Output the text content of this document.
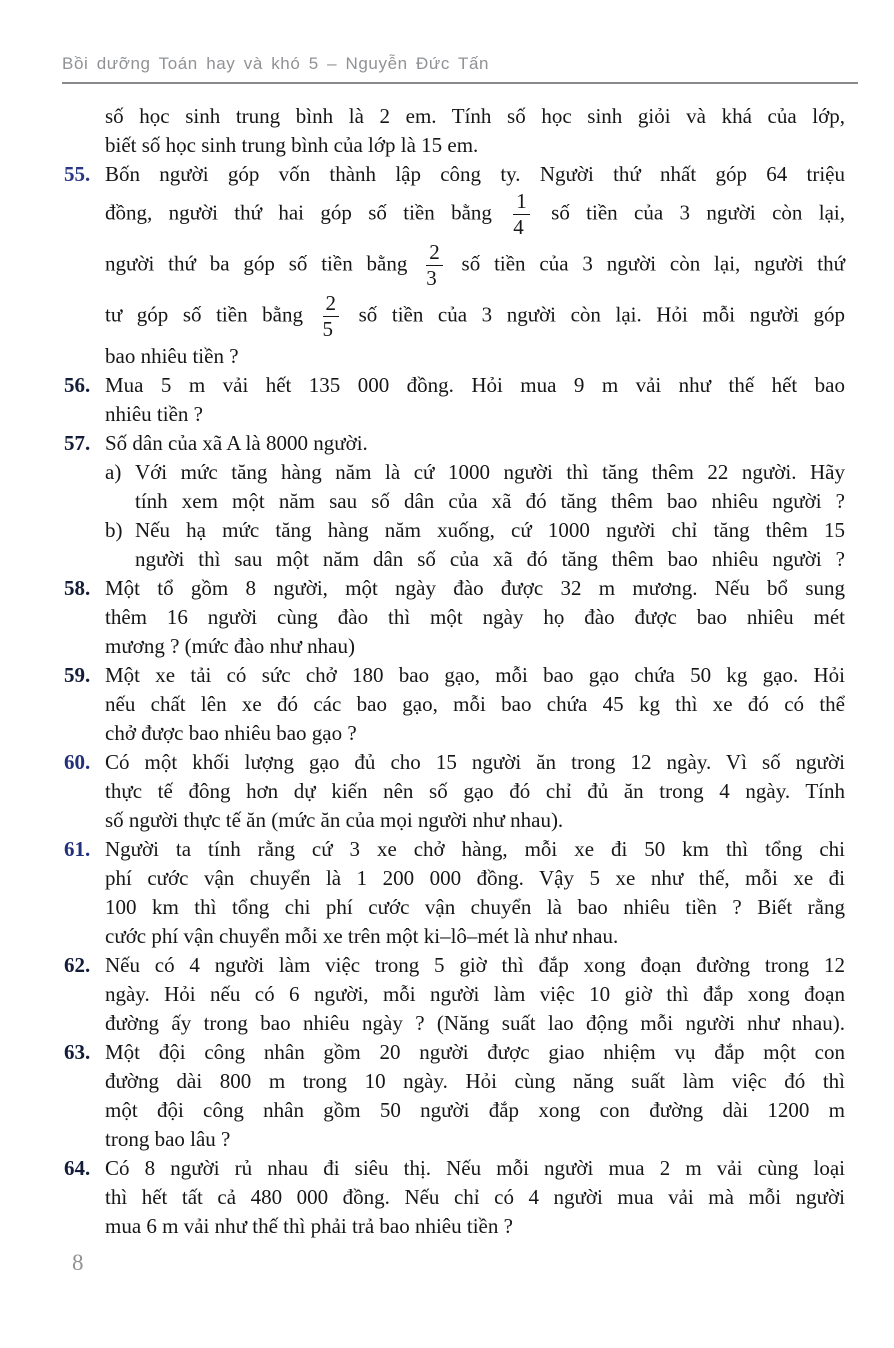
Bồi dưỡng Toán hay và khó 5 – Nguyễn Đức Tấn
số học sinh trung bình là 2 em. Tính số học sinh giỏi và khá của lớp,
biết số học sinh trung bình của lớp là 15 em.
55. Bốn người góp vốn thành lập công ty. Người thứ nhất góp 64 triệu
đồng, người thứ hai góp số tiền bằng $\frac{1}{4}$ số tiền của 3 người còn lại,
người thứ ba góp số tiền bằng $\frac{2}{3}$ số tiền của 3 người còn lại, người thứ
tư góp số tiền bằng $\frac{2}{5}$ số tiền của 3 người còn lại. Hỏi mỗi người góp
bao nhiêu tiền ?
56. Mua 5 m vải hết 135 000 đồng. Hỏi mua 9 m vải như thế hết bao
nhiêu tiền ?
57. Số dân của xã A là 8000 người.
a) Với mức tăng hàng năm là cứ 1000 người thì tăng thêm 22 người. Hãy
tính xem một năm sau số dân của xã đó tăng thêm bao nhiêu người ?
b) Nếu hạ mức tăng hàng năm xuống, cứ 1000 người chỉ tăng thêm 15
người thì sau một năm dân số của xã đó tăng thêm bao nhiêu người ?
58. Một tổ gồm 8 người, một ngày đào được 32 m mương. Nếu bổ sung
thêm 16 người cùng đào thì một ngày họ đào được bao nhiêu mét
mương ? (mức đào như nhau)
59. Một xe tải có sức chở 180 bao gạo, mỗi bao gạo chứa 50 kg gạo. Hỏi
nếu chất lên xe đó các bao gạo, mỗi bao chứa 45 kg thì xe đó có thể
chở được bao nhiêu bao gạo ?
60. Có một khối lượng gạo đủ cho 15 người ăn trong 12 ngày. Vì số người
thực tế đông hơn dự kiến nên số gạo đó chỉ đủ ăn trong 4 ngày. Tính
số người thực tế ăn (mức ăn của mọi người như nhau).
61. Người ta tính rằng cứ 3 xe chở hàng, mỗi xe đi 50 km thì tổng chi
phí cước vận chuyển là 1 200 000 đồng. Vậy 5 xe như thế, mỗi xe đi
100 km thì tổng chi phí cước vận chuyển là bao nhiêu tiền ? Biết rằng
cước phí vận chuyển mỗi xe trên một ki–lô–mét là như nhau.
62. Nếu có 4 người làm việc trong 5 giờ thì đắp xong đoạn đường trong 12
ngày. Hỏi nếu có 6 người, mỗi người làm việc 10 giờ thì đắp xong đoạn
đường ấy trong bao nhiêu ngày ? (Năng suất lao động mỗi người như nhau).
63. Một đội công nhân gồm 20 người được giao nhiệm vụ đắp một con
đường dài 800 m trong 10 ngày. Hỏi cùng năng suất làm việc đó thì
một đội công nhân gồm 50 người đắp xong con đường dài 1200 m
trong bao lâu ?
64. Có 8 người rủ nhau đi siêu thị. Nếu mỗi người mua 2 m vải cùng loại
thì hết tất cả 480 000 đồng. Nếu chỉ có 4 người mua vải mà mỗi người
mua 6 m vải như thế thì phải trả bao nhiêu tiền ?
8
